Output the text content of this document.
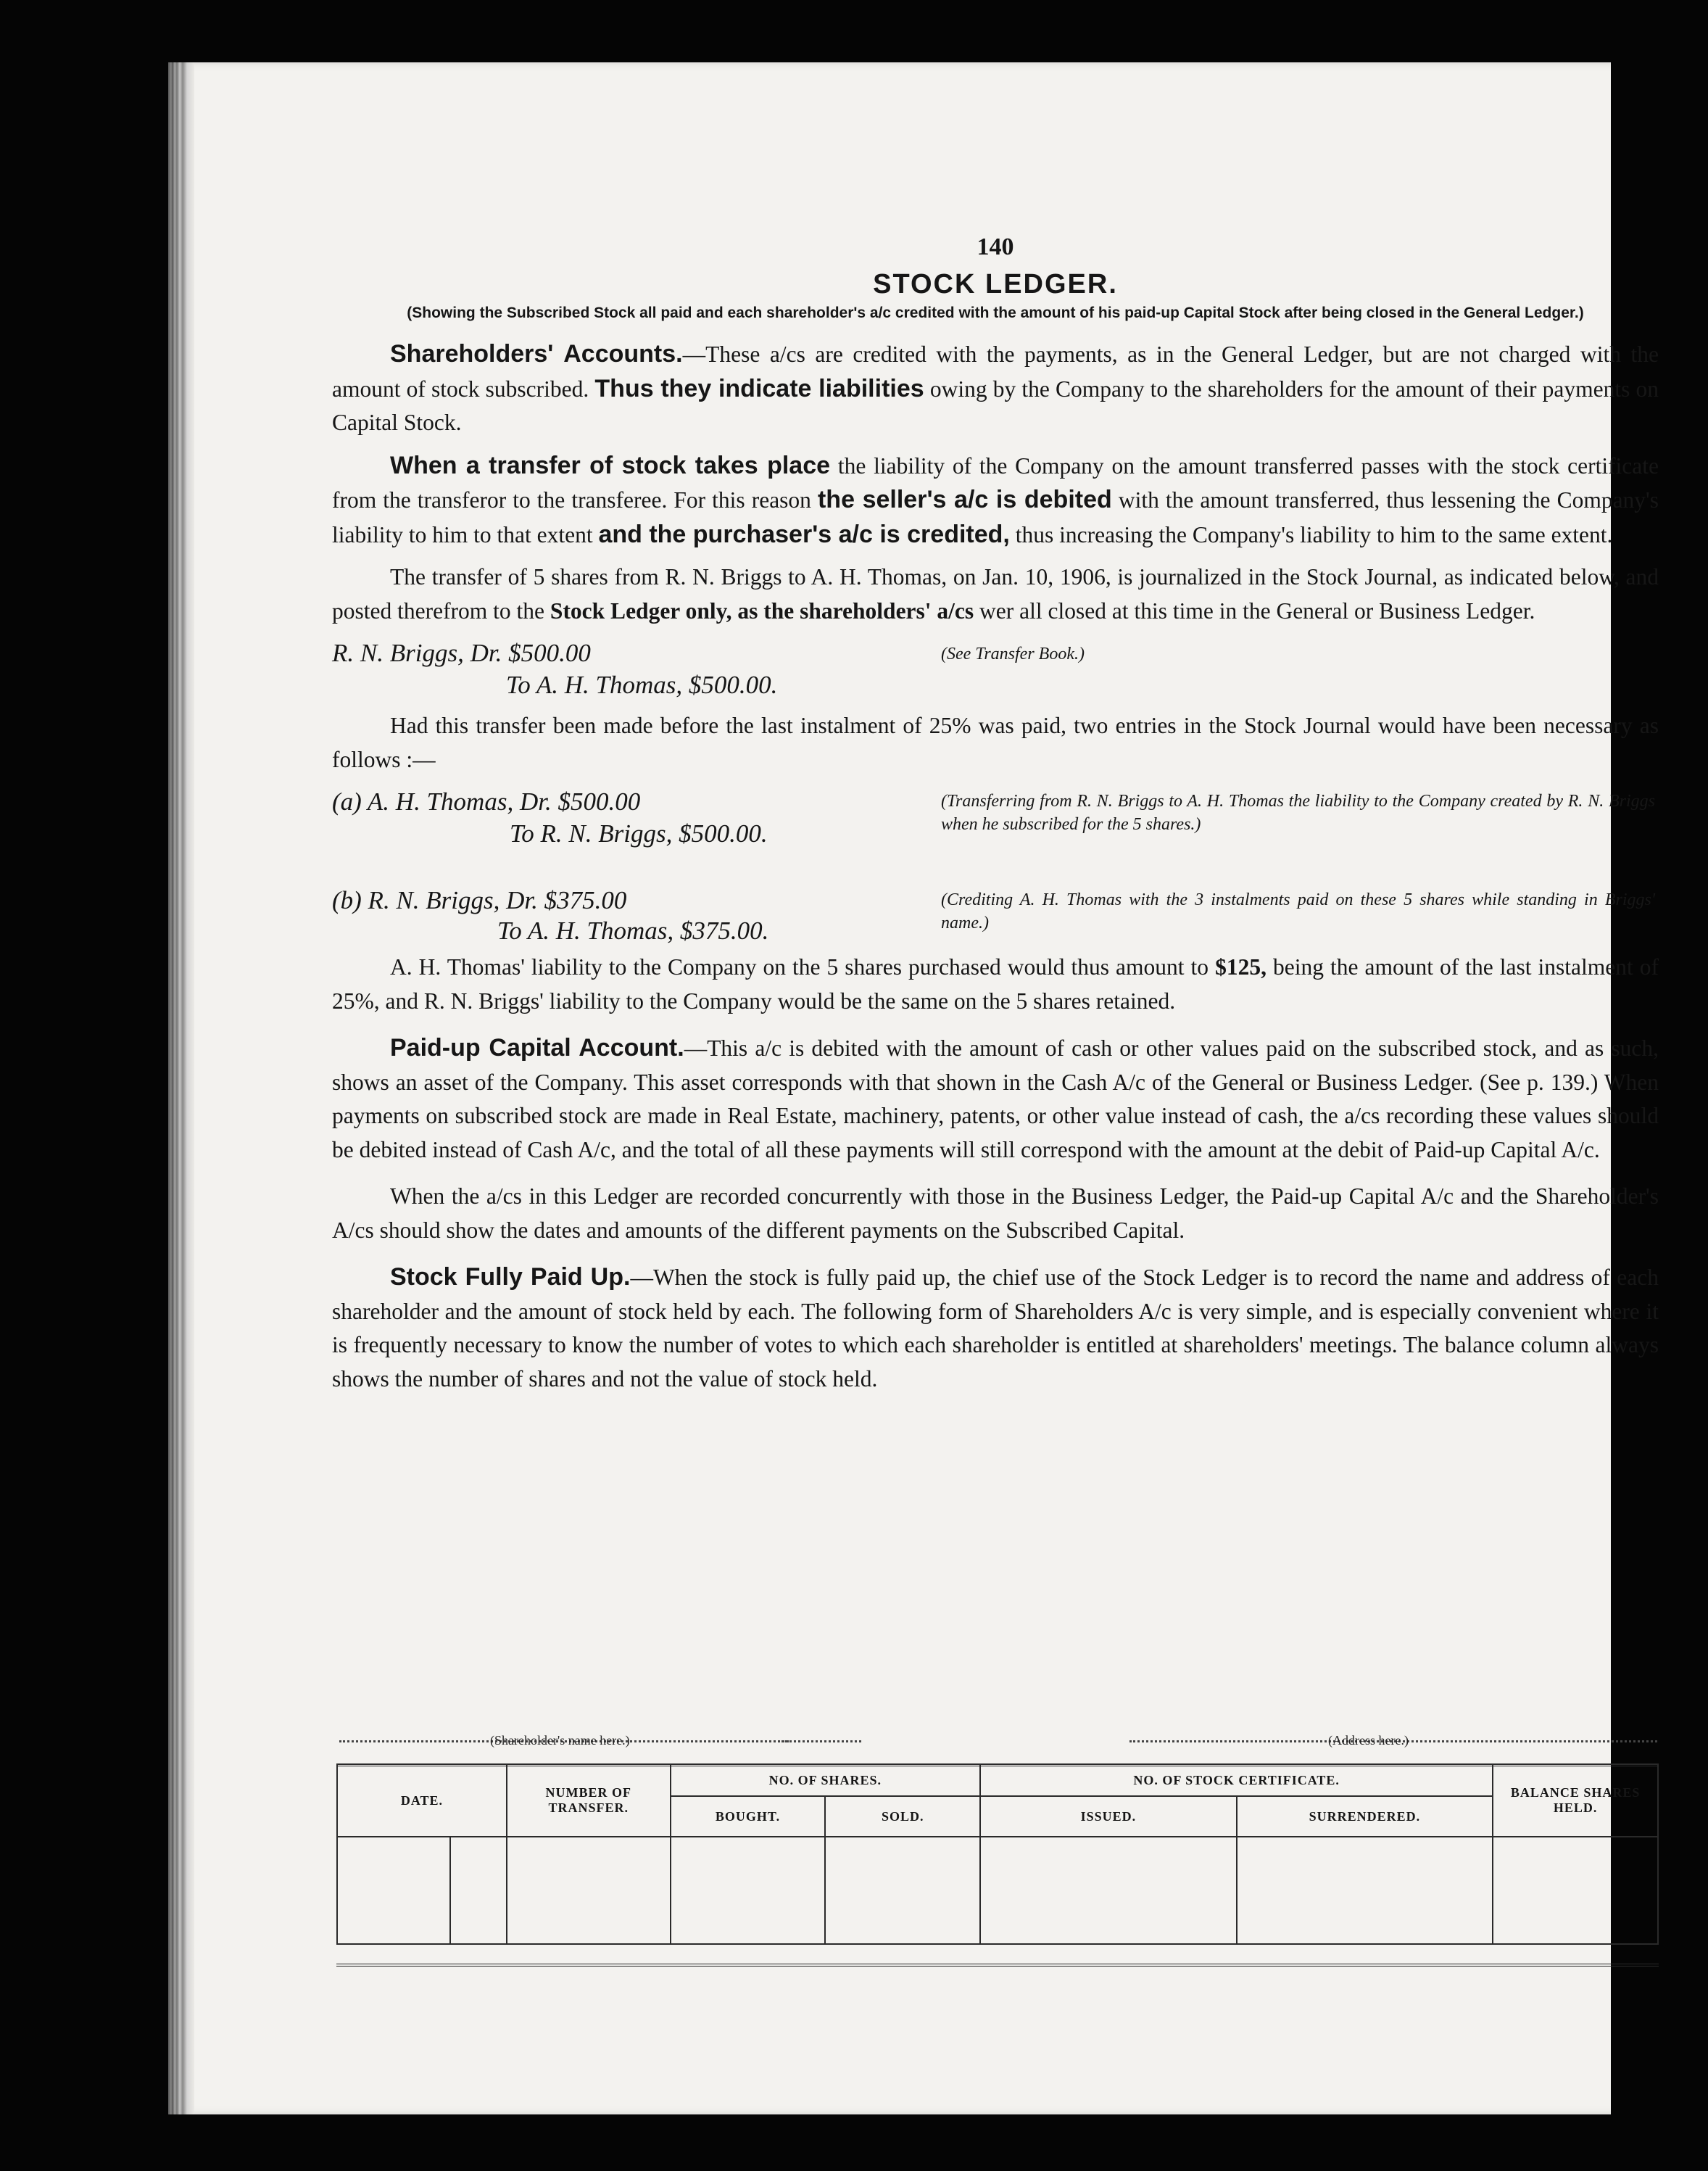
140
STOCK LEDGER.
(Showing the Subscribed Stock all paid and each shareholder's a/c credited with the amount of his paid-up Capital Stock after being closed in the General Ledger.)

Shareholders' Accounts.—These a/cs are credited with the payments, as in the General Ledger, but are not charged with the amount of stock subscribed. Thus they indicate liabilities owing by the Company to the shareholders for the amount of their payments on Capital Stock.

When a transfer of stock takes place the liability of the Company on the amount transferred passes with the stock certificate from the transferor to the transferee. For this reason the seller's a/c is debited with the amount transferred, thus lessening the Company's liability to him to that extent and the purchaser's a/c is credited, thus increasing the Company's liability to him to the same extent.

The transfer of 5 shares from R. N. Briggs to A. H. Thomas, on Jan. 10, 1906, is journalized in the Stock Journal, as indicated below, and posted therefrom to the Stock Ledger only, as the shareholders' a/cs wer all closed at this time in the General or Business Ledger.

R. N. Briggs, Dr. $500.00
To A. H. Thomas, $500.00.
(See Transfer Book.)

Had this transfer been made before the last instalment of 25% was paid, two entries in the Stock Journal would have been necessary as follows :—

(a) A. H. Thomas, Dr. $500.00
To R. N. Briggs, $500.00.
(Transferring from R. N. Briggs to A. H. Thomas the liability to the Company created by R. N. Briggs when he subscribed for the 5 shares.)
(b) R. N. Briggs, Dr. $375.00
To A. H. Thomas, $375.00.
(Crediting A. H. Thomas with the 3 instalments paid on these 5 shares while standing in Briggs' name.)

A. H. Thomas' liability to the Company on the 5 shares purchased would thus amount to $125, being the amount of the last instalment of 25%, and R. N. Briggs' liability to the Company would be the same on the 5 shares retained.

Paid-up Capital Account.—This a/c is debited with the amount of cash or other values paid on the subscribed stock, and as such, shows an asset of the Company. This asset corresponds with that shown in the Cash A/c of the General or Business Ledger. (See p. 139.) When payments on subscribed stock are made in Real Estate, machinery, patents, or other value instead of cash, the a/cs recording these values should be debited instead of Cash A/c, and the total of all these payments will still correspond with the amount at the debit of Paid-up Capital A/c.

When the a/cs in this Ledger are recorded concurrently with those in the Business Ledger, the Paid-up Capital A/c and the Shareholder's A/cs should show the dates and amounts of the different payments on the Subscribed Capital.

Stock Fully Paid Up.—When the stock is fully paid up, the chief use of the Stock Ledger is to record the name and address of each shareholder and the amount of stock held by each. The following form of Shareholders A/c is very simple, and is especially convenient where it is frequently necessary to know the number of votes to which each shareholder is entitled at shareholders' meetings. The balance column always shows the number of shares and not the value of stock held.

(Shareholder's name here.)	(Address here.)
DATE.	NUMBER OF TRANSFER.	NO. OF SHARES.		NO. OF STOCK CERTIFICATE.		BALANCE SHARES HELD.
		BOUGHT.	SOLD.	ISSUED.	SURRENDERED.	
